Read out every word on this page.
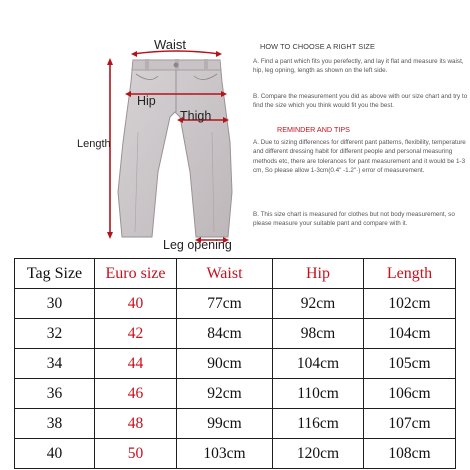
Waist
Hip
Thigh
Length
Leg opening
HOW TO CHOOSE A RIGHT SIZE
A. Find a pant which fits you perefectly, and lay it flat and measure its waist, hip, leg opning, length as shown on the left side.
B. Compare the measurement you did as above with our size chart and try to find the size which you think would fit you the best.
REMINDER AND TIPS
A. Due to sizing differences for different pant patterns, flexibility, temperature and different dressing habit for different people and personal measuring methods etc, there are tolerances for pant measurement and it would be 1-3 cm, So please allow 1-3cm(0.4" -1.2"·) error of measurement.
B. This size chart is measured for clothes but not body measurement, so please measure your suitable pant and compare with it.
Tag Size	Euro size	Waist	Hip	Length
30	40	77cm	92cm	102cm
32	42	84cm	98cm	104cm
34	44	90cm	104cm	105cm
36	46	92cm	110cm	106cm
38	48	99cm	116cm	107cm
40	50	103cm	120cm	108cm
